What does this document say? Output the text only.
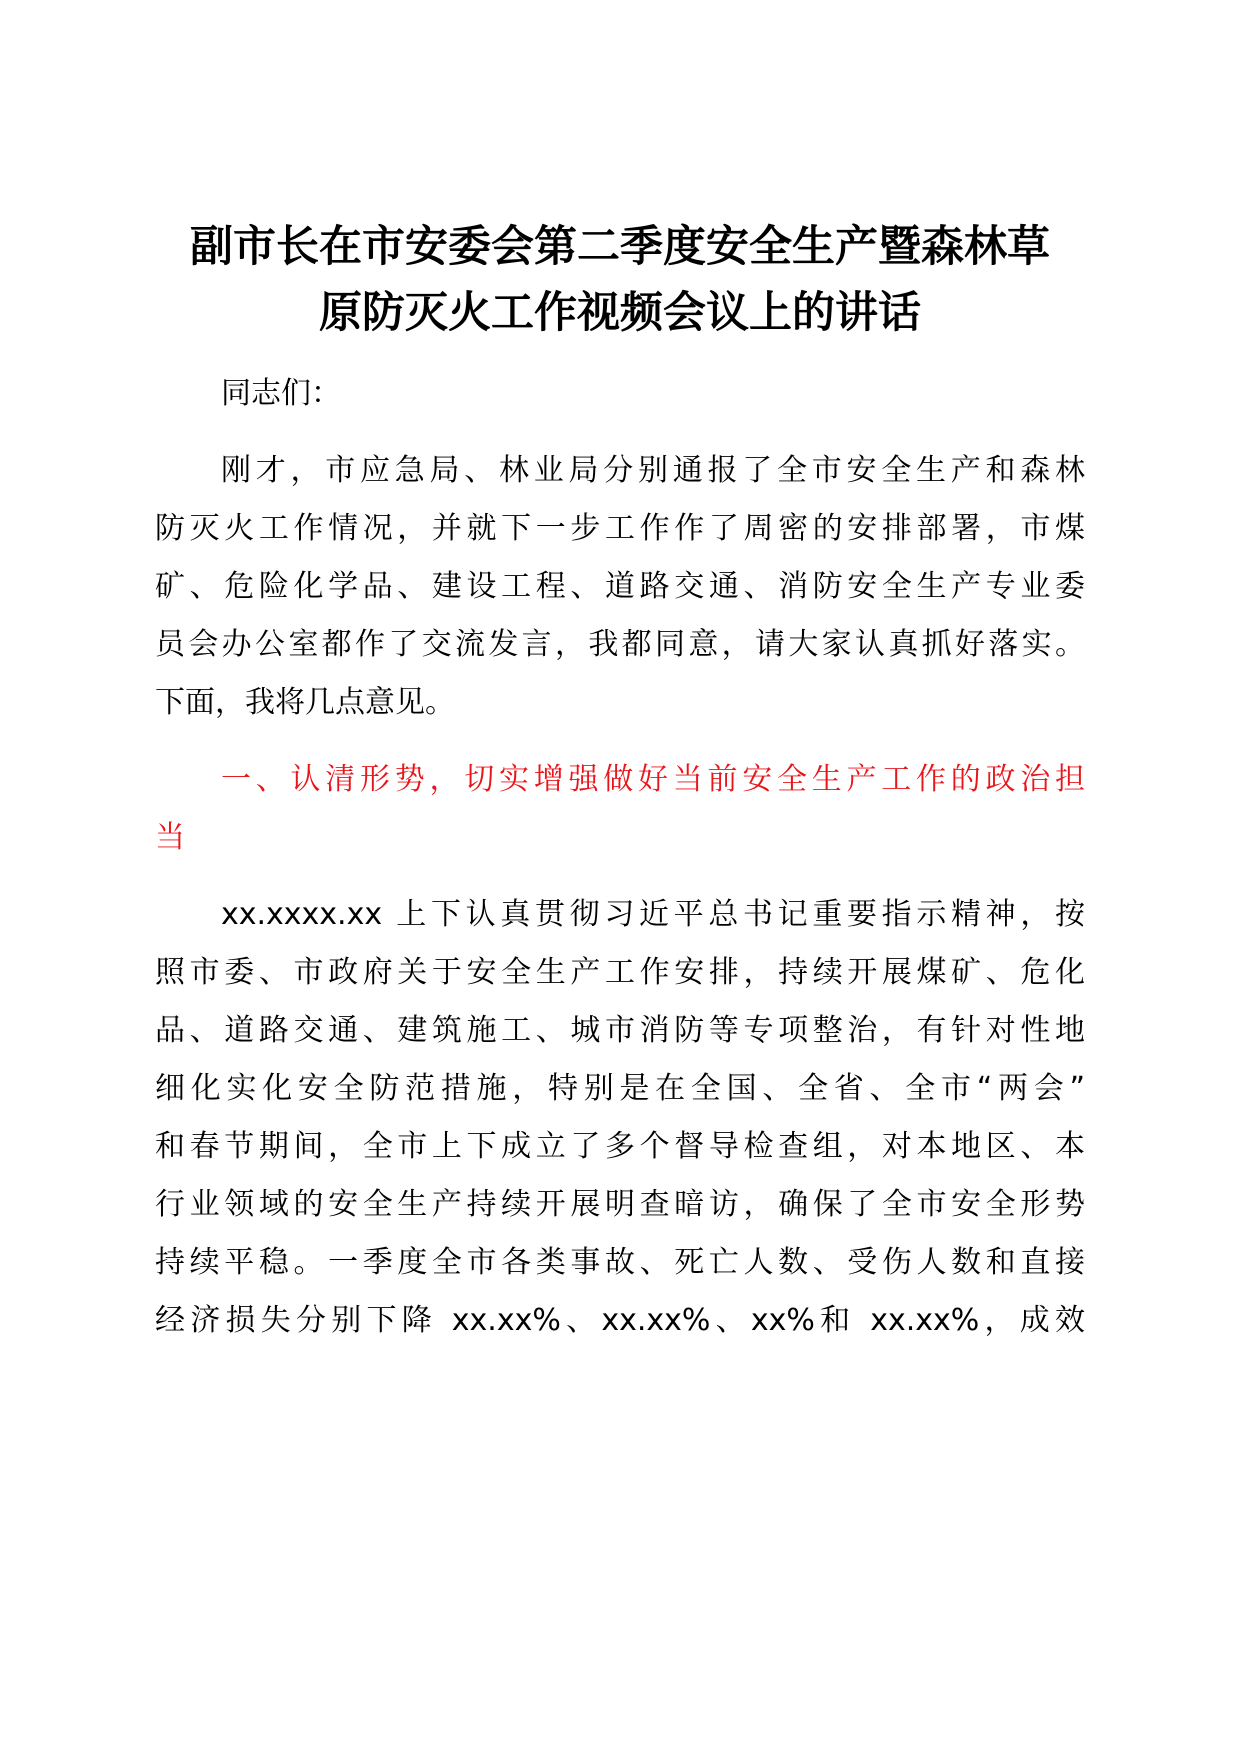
副市长在市安委会第二季度安全生产暨森林草
原防灭火工作视频会议上的讲话

同志们：

刚才，市应急局、林业局分别通报了全市安全生产和森林

防灭火工作情况，并就下一步工作作了周密的安排部署，市煤

矿、危险化学品、建设工程、道路交通、消防安全生产专业委

员会办公室都作了交流发言，我都同意，请大家认真抓好落实。

下面，我将几点意见。

一、认清形势，切实增强做好当前安全生产工作的政治担

当

xx.xxxx.xx 上下认真贯彻习近平总书记重要指示精神，按

照市委、市政府关于安全生产工作安排，持续开展煤矿、危化

品、道路交通、建筑施工、城市消防等专项整治，有针对性地

细化实化安全防范措施，特别是在全国、全省、全市“两会”

和春节期间，全市上下成立了多个督导检查组，对本地区、本

行业领域的安全生产持续开展明查暗访，确保了全市安全形势

持续平稳。一季度全市各类事故、死亡人数、受伤人数和直接

经济损失分别下降 xx.xx%、xx.xx%、xx%和 xx.xx%，成效
